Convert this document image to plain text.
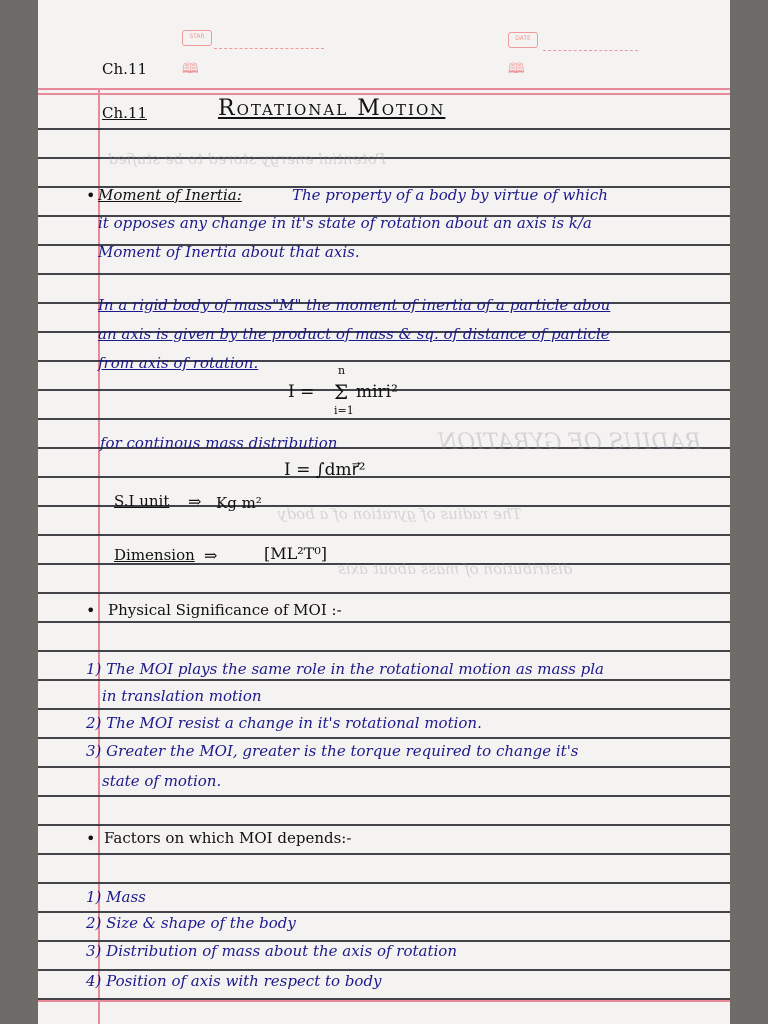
STAR
🕮
DATE
🕮
Ch.11
Potential energy stored to be stufied
RADIUS OF GYRATION
The radius of gyration of a body
distribution of mass about axis
Ch.11	Rotational Motion
• Moment of Inertia:	The property of a body by virtue of which
it opposes any change in it's state of rotation about an axis is k/a
Moment of Inertia about that axis.
In a rigid body of mass"M" the moment of inertia of a particle abou
an axis is given by the product of mass & sq. of distance of particle
from axis of rotation.
I = Σ
n
i=1
miri²
for continous mass distribution
I = ∫dmr⃗²
S.I unit ⇒ Kg m²
Dimension ⇒	[ML²T⁰]
• Physical Significance of MOI :-
1) The MOI plays the same role in the rotational motion as mass pla
in translation motion
2) The MOI resist a change in it's rotational motion.
3) Greater the MOI, greater is the torque required to change it's
state of motion.
• Factors on which MOI depends:-
1) Mass
2) Size & shape of the body
3) Distribution of mass about the axis of rotation
4) Position of axis with respect to body
